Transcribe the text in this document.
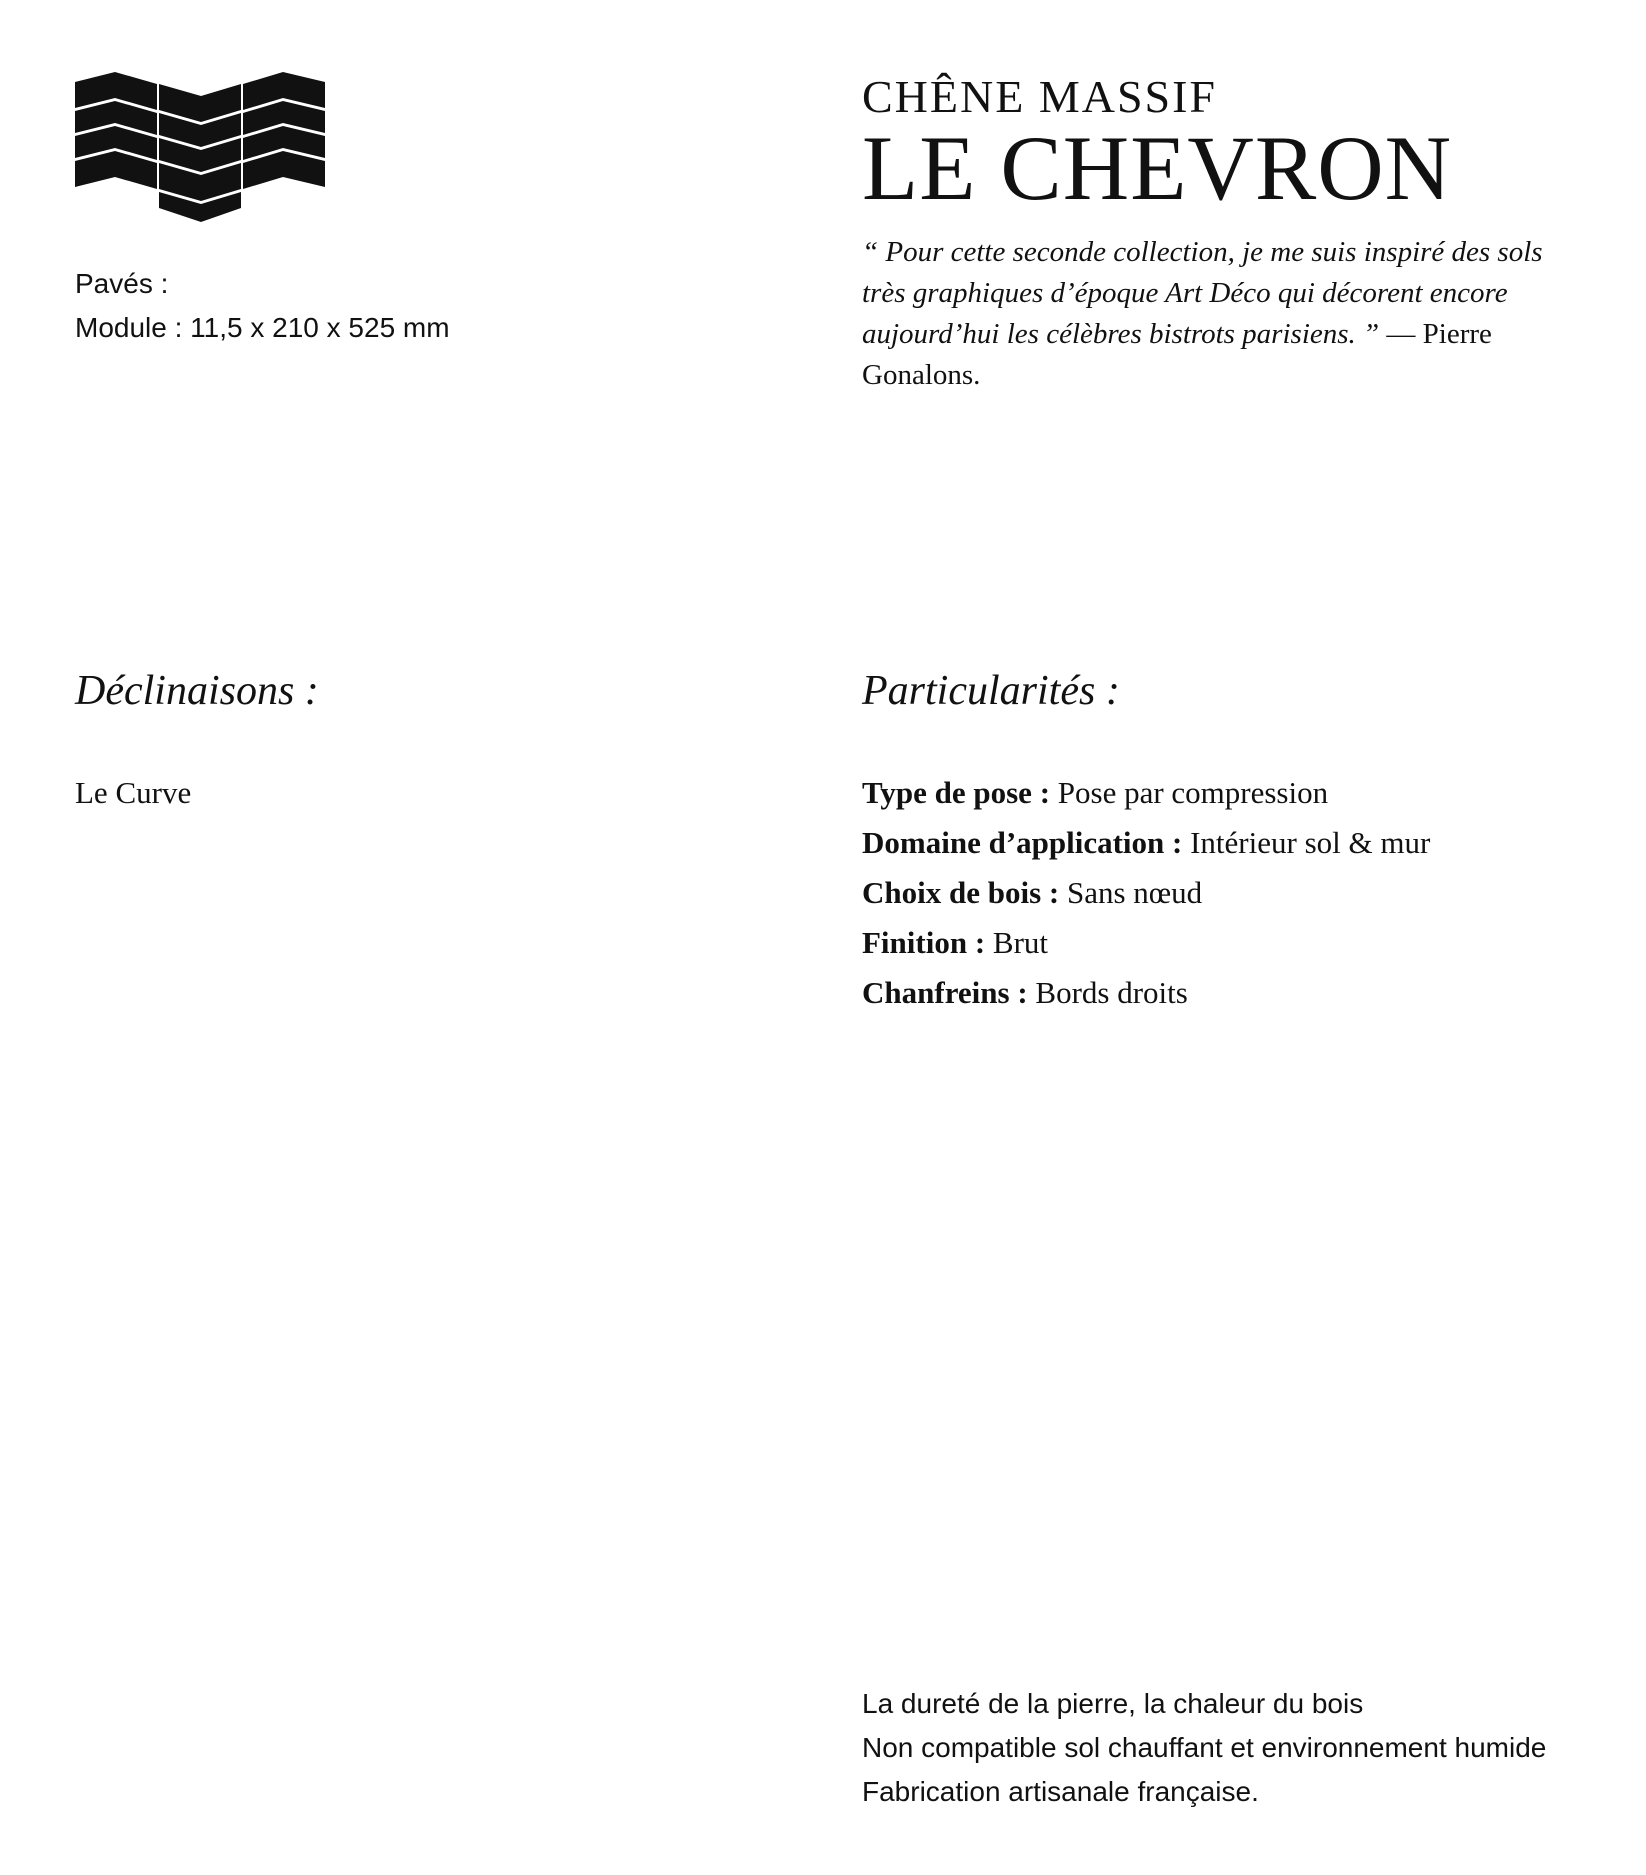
Pavés :
Module : 11,5 x 210 x 525 mm
CHÊNE MASSIF
LE CHEVRON
“ Pour cette seconde collection, je me suis inspiré des sols très graphiques d’époque Art Déco qui décorent encore aujourd’hui les célèbres bistrots parisiens. ” — Pierre Gonalons.
Déclinaisons :	Particularités :
Le Curve	Type de pose : Pose par compression
Domaine d’application : Intérieur sol & mur
Choix de bois : Sans nœud
Finition : Brut
Chanfreins : Bords droits
La dureté de la pierre, la chaleur du bois
Non compatible sol chauffant et environnement humide
Fabrication artisanale française.
